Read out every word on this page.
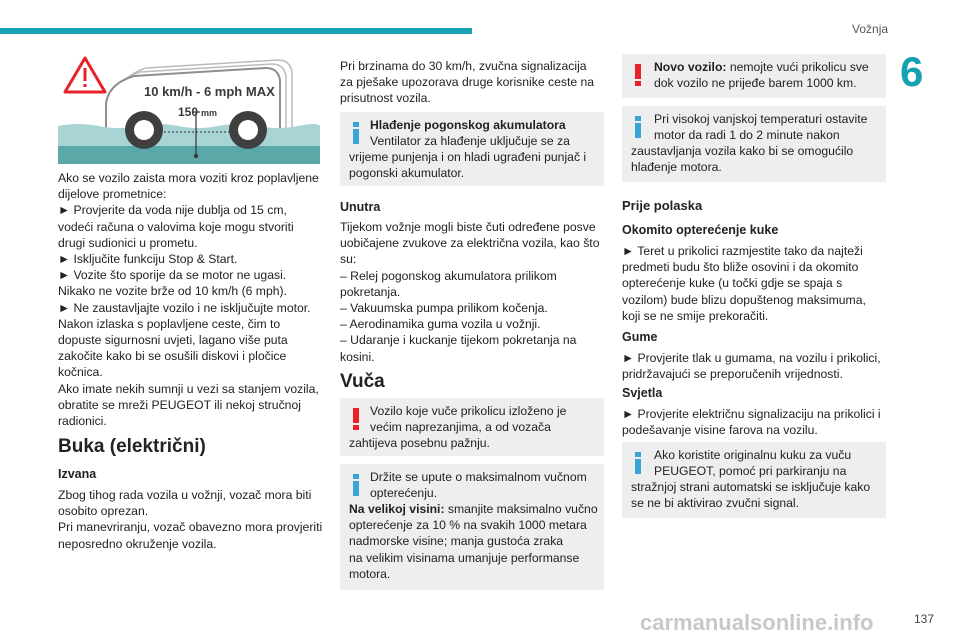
Vožnja
6
10 km/h - 6 mph MAX
150 mm
Ako se vozilo zaista mora voziti kroz poplavljene
dijelove prometnice:
► Provjerite da voda nije dublja od 15 cm,
vodeći računa o valovima koje mogu stvoriti
drugi sudionici u prometu.
► Isključite funkciju Stop & Start.
► Vozite što sporije da se motor ne ugasi.
Nikako ne vozite brže od 10 km/h (6 mph).
► Ne zaustavljajte vozilo i ne isključujte motor.
Nakon izlaska s poplavljene ceste, čim to
dopuste sigurnosni uvjeti, lagano više puta
zakočite kako bi se osušili diskovi i pločice
kočnica.
Ako imate nekih sumnji u vezi sa stanjem vozila,
obratite se mreži PEUGEOT ili nekoj stručnoj
radionici.
Buka (električni)
Izvana
Zbog tihog rada vozila u vožnji, vozač mora biti
osobito oprezan.
Pri manevriranju, vozač obavezno mora provjeriti
neposredno okruženje vozila.
Pri brzinama do 30 km/h, zvučna signalizacija
za pješake upozorava druge korisnike ceste na
prisutnost vozila.
Hlađenje pogonskog akumulatora
Ventilator za hlađenje uključuje se za
vrijeme punjenja i on hladi ugrađeni punjač i
pogonski akumulator.
Unutra
Tijekom vožnje mogli biste čuti određene posve
uobičajene zvukove za električna vozila, kao što
su:
– Relej pogonskog akumulatora prilikom
pokretanja.
– Vakuumska pumpa prilikom kočenja.
– Aerodinamika guma vozila u vožnji.
– Udaranje i kuckanje tijekom pokretanja na
kosini.
Vuča
Vozilo koje vuče prikolicu izloženo je
većim naprezanjima, a od vozača
zahtijeva posebnu pažnju.
Držite se upute o maksimalnom vučnom
opterećenju.
Na velikoj visini: smanjite maksimalno vučno
opterećenje za 10 % na svakih 1000 metara
nadmorske visine; manja gustoća zraka
na velikim visinama umanjuje performanse
motora.
Novo vozilo: nemojte vući prikolicu sve
dok vozilo ne prijeđe barem 1000 km.
Pri visokoj vanjskoj temperaturi ostavite
motor da radi 1 do 2 minute nakon
zaustavljanja vozila kako bi se omogućilo
hlađenje motora.
Prije polaska
Okomito opterećenje kuke
► Teret u prikolici razmjestite tako da najteži
predmeti budu što bliže osovini i da okomito
opterećenje kuke (u točki gdje se spaja s
vozilom) bude blizu dopuštenog maksimuma,
koji se ne smije prekoračiti.
Gume
► Provjerite tlak u gumama, na vozilu i prikolici,
pridržavajući se preporučenih vrijednosti.
Svjetla
► Provjerite električnu signalizaciju na prikolici i
podešavanje visine farova na vozilu.
Ako koristite originalnu kuku za vuču
PEUGEOT, pomoć pri parkiranju na
stražnjoj strani automatski se isključuje kako
se ne bi aktivirao zvučni signal.
carmanualsonline.info	137
